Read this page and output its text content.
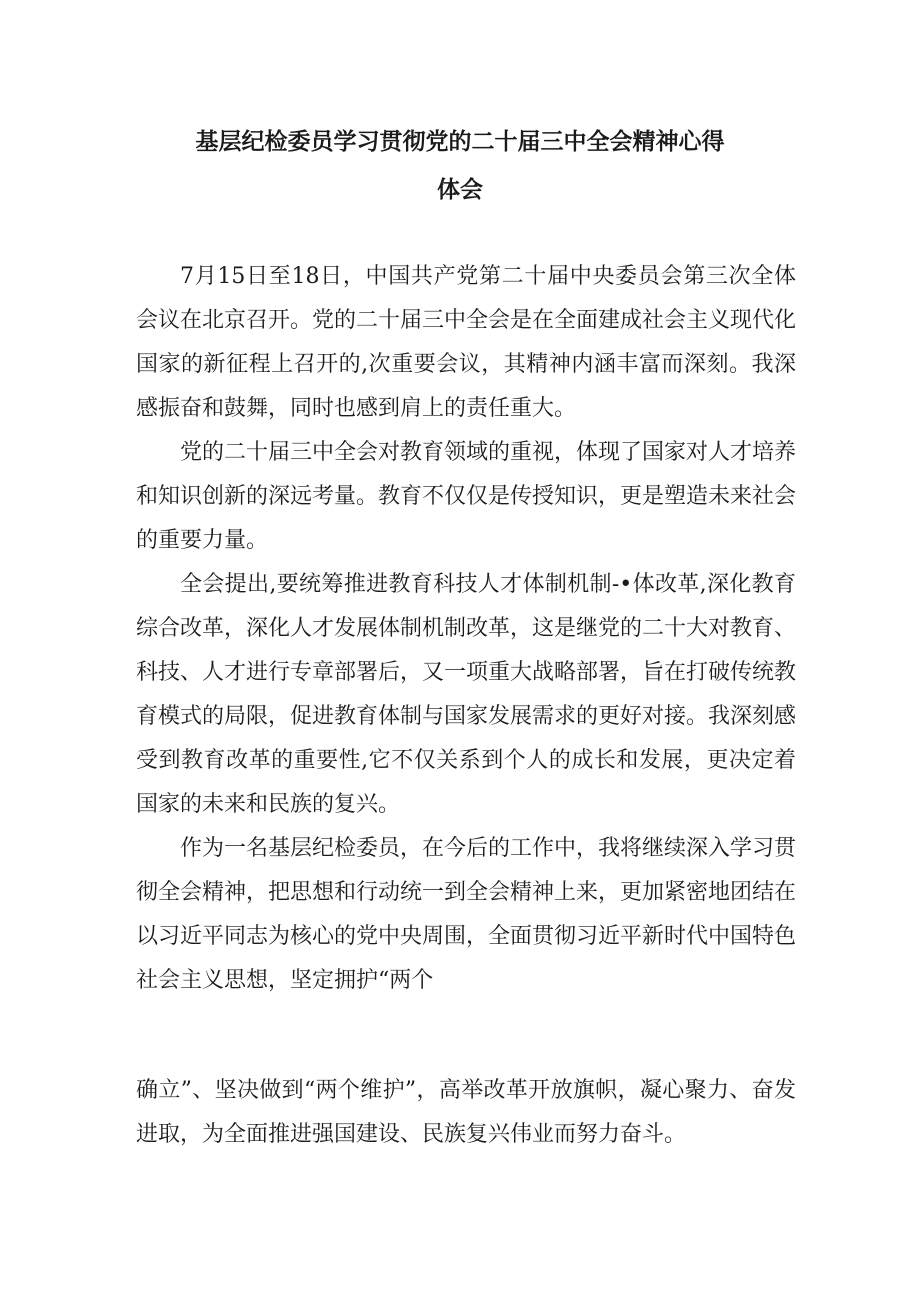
基层纪检委员学习贯彻党的二十届三中全会精神心得
体会

7月15日至18日，中国共产党第二十届中央委员会第三次全体会议在北京召开。党的二十届三中全会是在全面建成社会主义现代化国家的新征程上召开的,次重要会议，其精神内涵丰富而深刻。我深感振奋和鼓舞，同时也感到肩上的责任重大。

党的二十届三中全会对教育领域的重视，体现了国家对人才培养和知识创新的深远考量。教育不仅仅是传授知识，更是塑造未来社会的重要力量。

全会提出,要统筹推进教育科技人才体制机制-•体改革,深化教育综合改革，深化人才发展体制机制改革，这是继党的二十大对教育、科技、人才进行专章部署后，又一项重大战略部署，旨在打破传统教育模式的局限，促进教育体制与国家发展需求的更好对接。我深刻感受到教育改革的重要性,它不仅关系到个人的成长和发展，更决定着国家的未来和民族的复兴。

作为一名基层纪检委员，在今后的工作中，我将继续深入学习贯彻全会精神，把思想和行动统一到全会精神上来，更加紧密地团结在以习近平同志为核心的党中央周围，全面贯彻习近平新时代中国特色社会主义思想，坚定拥护“两个

确立”、坚决做到“两个维护”，高举改革开放旗帜，凝心聚力、奋发进取，为全面推进强国建设、民族复兴伟业而努力奋斗。
